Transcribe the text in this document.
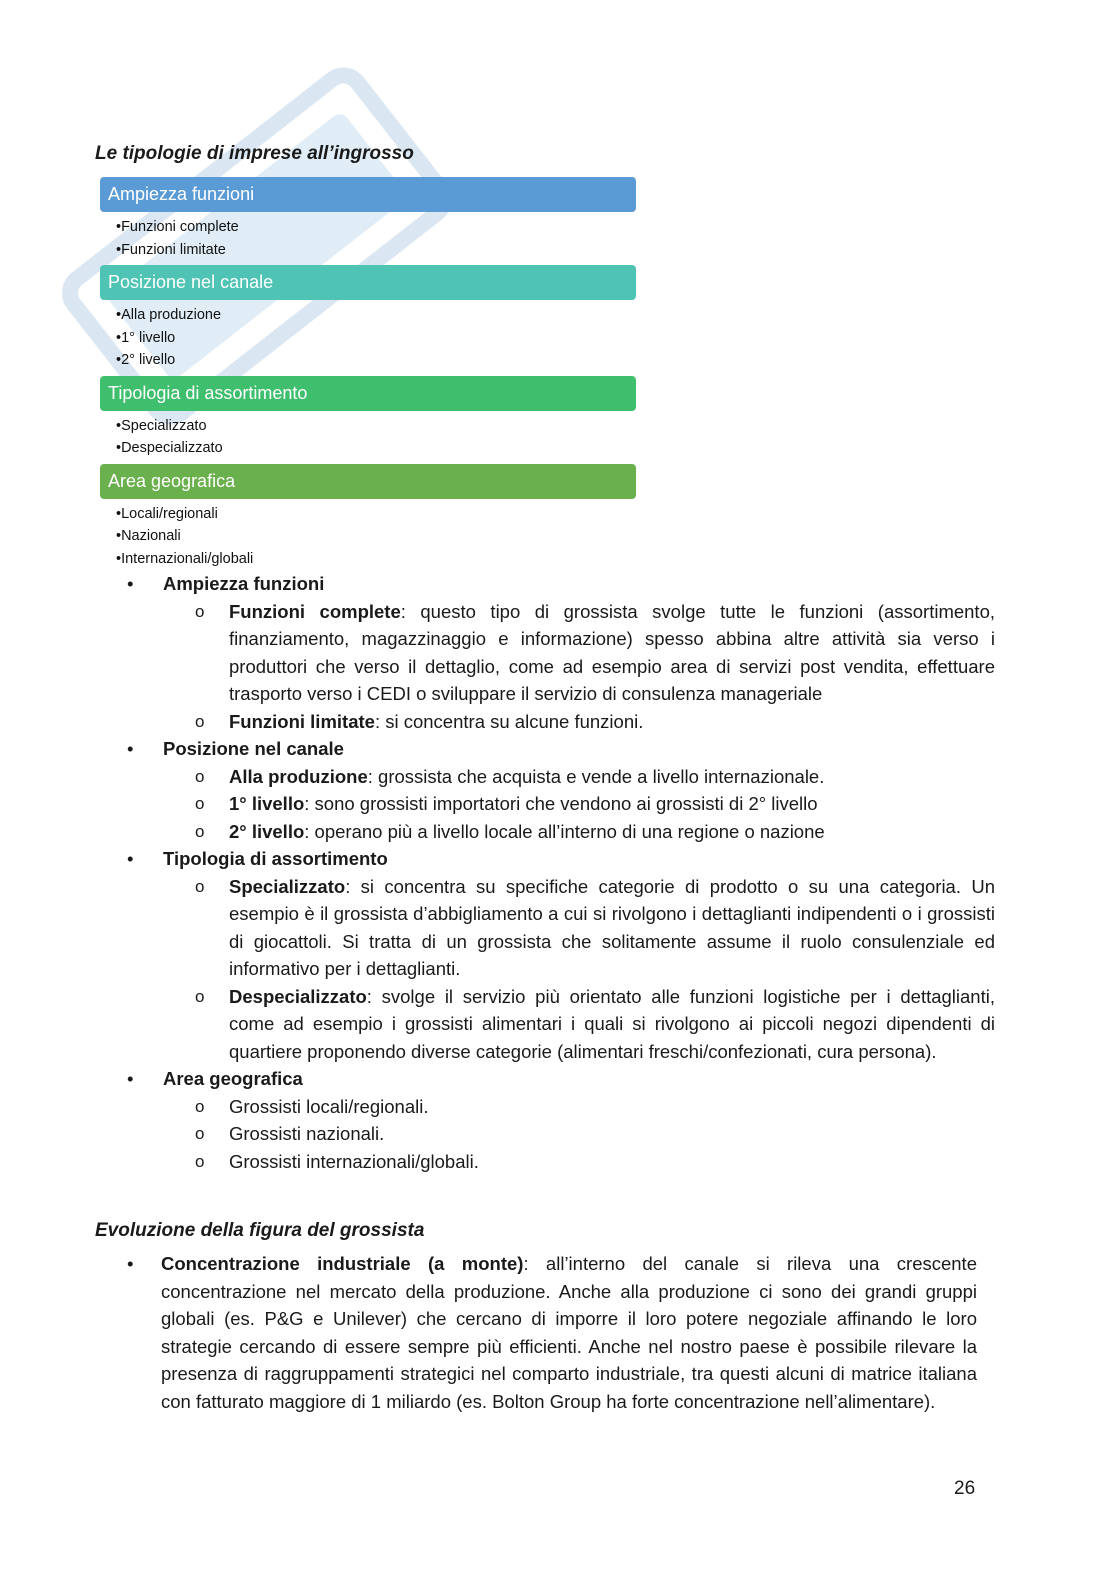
Le tipologie di imprese all’ingrosso
Ampiezza funzioni
• Funzioni complete
• Funzioni limitate
Posizione nel canale
• Alla produzione
• 1° livello
• 2° livello
Tipologia di assortimento
• Specializzato
• Despecializzato
Area geografica
• Locali/regionali
• Nazionali
• Internazionali/globali
• Ampiezza funzioni
o Funzioni complete: questo tipo di grossista svolge tutte le funzioni (assortimento, finanziamento, magazzinaggio e informazione) spesso abbina altre attività sia verso i produttori che verso il dettaglio, come ad esempio area di servizi post vendita, effettuare trasporto verso i CEDI o sviluppare il servizio di consulenza manageriale
o Funzioni limitate: si concentra su alcune funzioni.
• Posizione nel canale
o Alla produzione: grossista che acquista e vende a livello internazionale.
o 1° livello: sono grossisti importatori che vendono ai grossisti di 2° livello
o 2° livello: operano più a livello locale all’interno di una regione o nazione
• Tipologia di assortimento
o Specializzato: si concentra su specifiche categorie di prodotto o su una categoria. Un esempio è il grossista d’abbigliamento a cui si rivolgono i dettaglianti indipendenti o i grossisti di giocattoli. Si tratta di un grossista che solitamente assume il ruolo consulenziale ed informativo per i dettaglianti.
o Despecializzato: svolge il servizio più orientato alle funzioni logistiche per i dettaglianti, come ad esempio i grossisti alimentari i quali si rivolgono ai piccoli negozi dipendenti di quartiere proponendo diverse categorie (alimentari freschi/confezionati, cura persona).
• Area geografica
o Grossisti locali/regionali.
o Grossisti nazionali.
o Grossisti internazionali/globali.
Evoluzione della figura del grossista
• Concentrazione industriale (a monte): all’interno del canale si rileva una crescente concentrazione nel mercato della produzione. Anche alla produzione ci sono dei grandi gruppi globali (es. P&G e Unilever) che cercano di imporre il loro potere negoziale affinando le loro strategie cercando di essere sempre più efficienti. Anche nel nostro paese è possibile rilevare la presenza di raggruppamenti strategici nel comparto industriale, tra questi alcuni di matrice italiana con fatturato maggiore di 1 miliardo (es. Bolton Group ha forte concentrazione nell’alimentare).
26
